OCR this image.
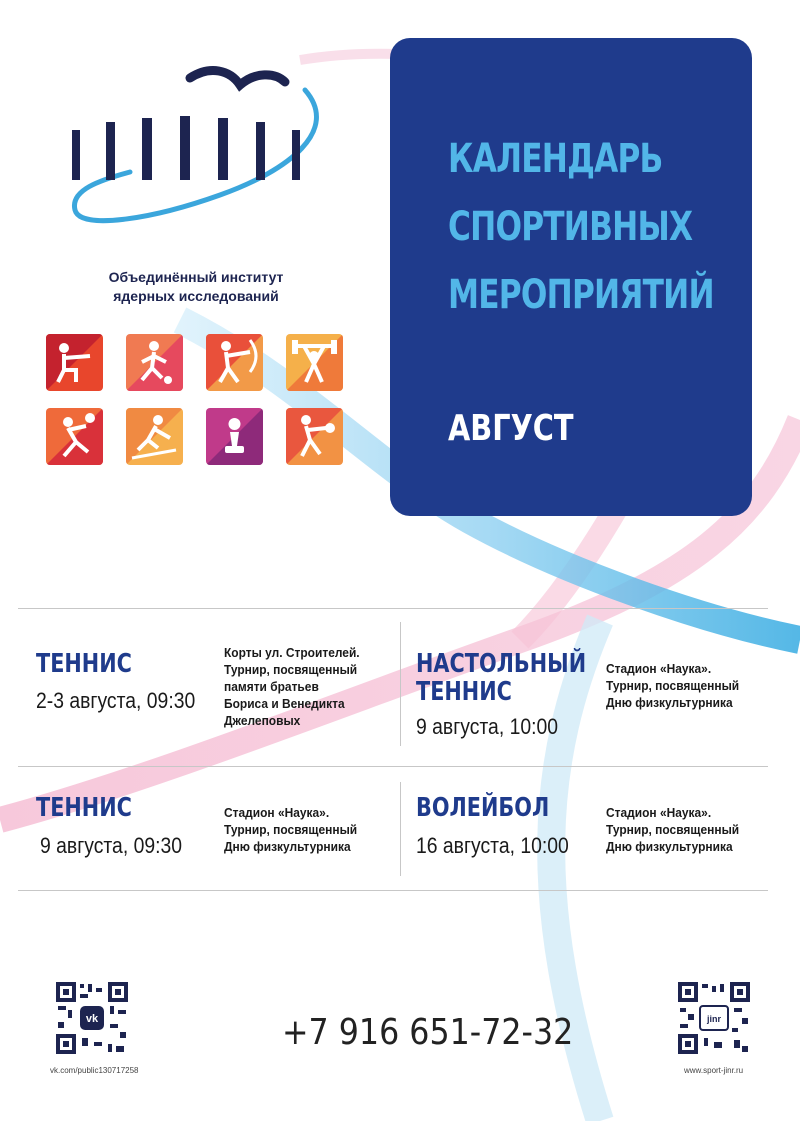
Объединённый институт
ядерных исследований
КАЛЕНДАРЬ
СПОРТИВНЫХ
МЕРОПРИЯТИЙ
АВГУСТ
ТЕННИС
2-3 августа, 09:30
Корты ул. Строителей.
Турнир, посвященный
памяти братьев
Бориса и Венедикта
Джелеповых
НАСТОЛЬНЫЙ
ТЕННИС
9 августа, 10:00
Стадион «Наука».
Турнир, посвященный
Дню физкультурника
ТЕННИС
9 августа, 09:30
Стадион «Наука».
Турнир, посвященный
Дню физкультурника
ВОЛЕЙБОЛ
16 августа, 10:00
Стадион «Наука».
Турнир, посвященный
Дню физкультурника
vk
vk.com/public130717258
+7 916 651-72-32	jinr
www.sport-jinr.ru
